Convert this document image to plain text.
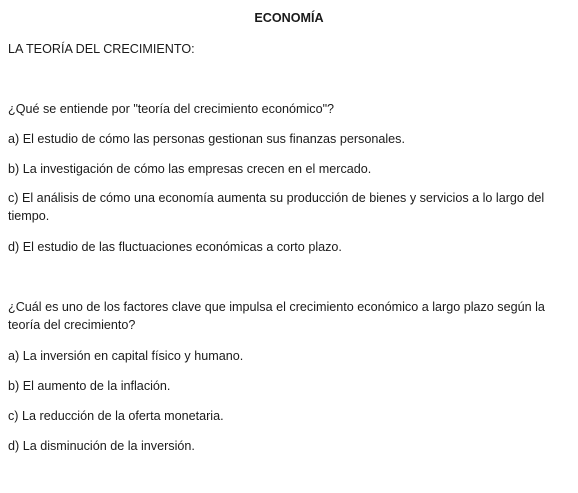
ECONOMÍA
LA TEORÍA DEL CRECIMIENTO:
¿Qué se entiende por "teoría del crecimiento económico"?
a) El estudio de cómo las personas gestionan sus finanzas personales.
b) La investigación de cómo las empresas crecen en el mercado.
c) El análisis de cómo una economía aumenta su producción de bienes y servicios a lo largo del tiempo.
d) El estudio de las fluctuaciones económicas a corto plazo.
¿Cuál es uno de los factores clave que impulsa el crecimiento económico a largo plazo según la teoría del crecimiento?
a) La inversión en capital físico y humano.
b) El aumento de la inflación.
c) La reducción de la oferta monetaria.
d) La disminución de la inversión.
